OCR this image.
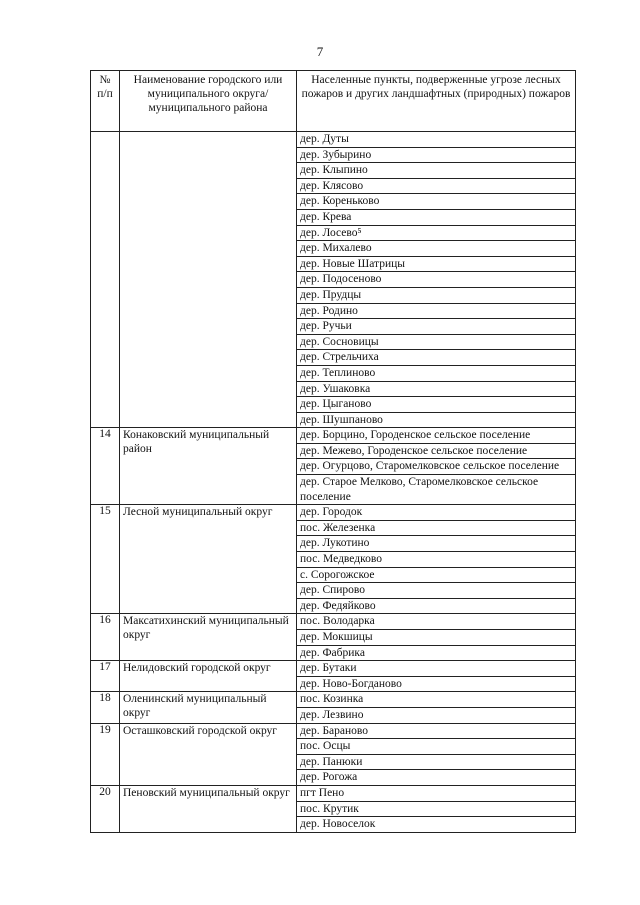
7
№ п/п	Наименование городского или муниципального округа/муниципального района	Населенные пункты, подверженные угрозе лесных пожаров и других ландшафтных (природных) пожаров
		дер. Дуты
		дер. Зубырино
		дер. Клыпино
		дер. Клясово
		дер. Кореньково
		дер. Крева
		дер. Лосево⁵
		дер. Михалево
		дер. Новые Шатрицы
		дер. Подосеново
		дер. Прудцы
		дер. Родино
		дер. Ручьи
		дер. Сосновицы
		дер. Стрельчиха
		дер. Теплиново
		дер. Ушаковка
		дер. Цыганово
		дер. Шушпаново
14	Конаковский муниципальный район	дер. Борцино, Городенское сельское поселение
		дер. Межево, Городенское сельское поселение
		дер. Огурцово, Старомелковское сельское поселение
		дер. Старое Мелково, Старомелковское сельское поселение
15	Лесной муниципальный округ	дер. Городок
		пос. Железенка
		дер. Лукотино
		пос. Медведково
		с. Сорогожское
		дер. Спирово
		дер. Федяйково
16	Максатихинский муниципальный округ	пос. Володарка
		дер. Мокшицы
		дер. Фабрика
17	Нелидовский городской округ	дер. Бутаки
		дер. Ново-Богданово
18	Оленинский муниципальный округ	пос. Козинка
		дер. Лезвино
19	Осташковский городской округ	дер. Бараново
		пос. Осцы
		дер. Панюки
		дер. Рогожа
20	Пеновский муниципальный округ	пгт Пено
		пос. Крутик
		дер. Новоселок
